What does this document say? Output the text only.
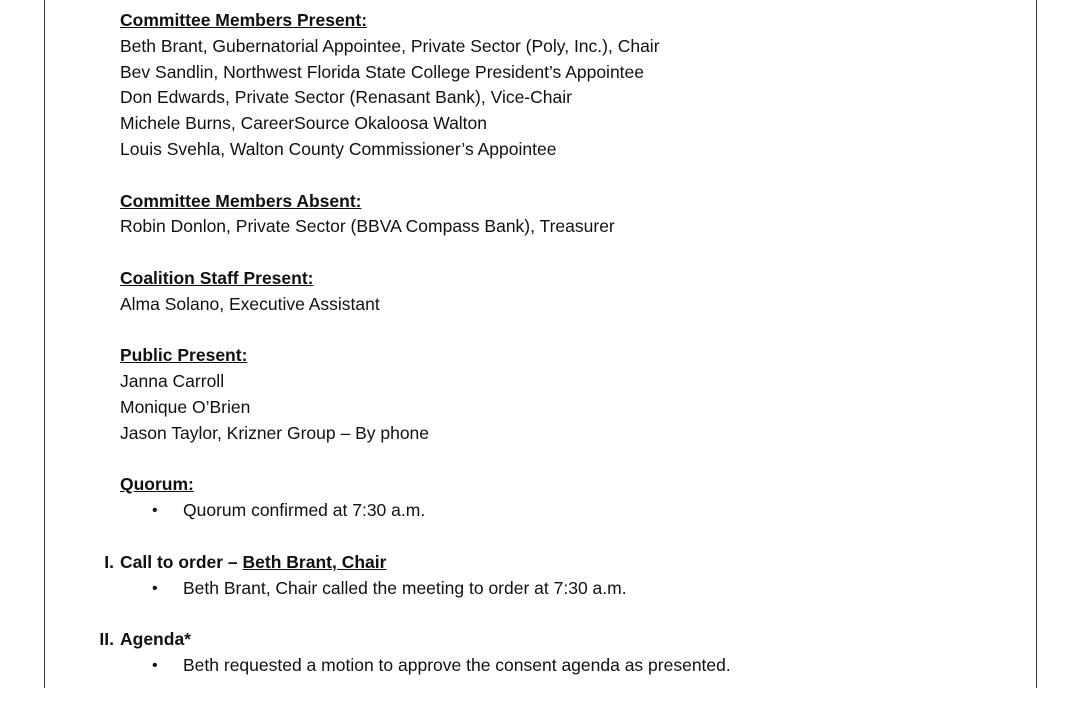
Committee Members Present:

Beth Brant, Gubernatorial Appointee, Private Sector (Poly, Inc.), Chair

Bev Sandlin, Northwest Florida State College President’s Appointee

Don Edwards, Private Sector (Renasant Bank), Vice-Chair

Michele Burns, CareerSource Okaloosa Walton

Louis Svehla, Walton County Commissioner’s Appointee

Committee Members Absent:

Robin Donlon, Private Sector (BBVA Compass Bank), Treasurer

Coalition Staff Present:

Alma Solano, Executive Assistant

Public Present:

Janna Carroll

Monique O’Brien

Jason Taylor, Krizner Group – By phone

Quorum:

• Quorum confirmed at 7:30 a.m.

I. Call to order – Beth Brant, Chair

• Beth Brant, Chair called the meeting to order at 7:30 a.m.

II. Agenda*

• Beth requested a motion to approve the consent agenda as presented.
